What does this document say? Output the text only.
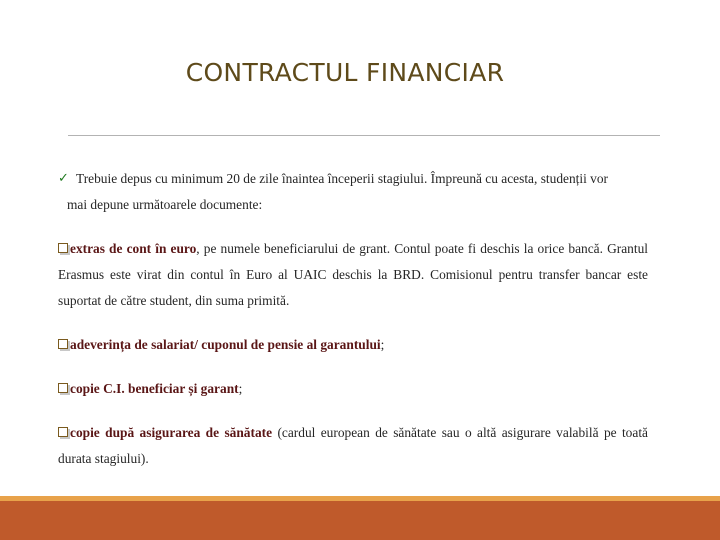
CONTRACTUL FINANCIAR
✓ Trebuie depus cu minimum 20 de zile înaintea începerii stagiului. Împreună cu acesta, studenții vor
mai depune următoarele documente:
extras de cont în euro, pe numele beneficiarului de grant. Contul poate fi deschis la orice bancă. Grantul Erasmus este virat din contul în Euro al UAIC deschis la BRD. Comisionul pentru transfer bancar este suportat de către student, din suma primită.
adeverința de salariat/ cuponul de pensie al garantului;
copie C.I. beneficiar și garant;
copie după asigurarea de sănătate (cardul european de sănătate sau o altă asigurare valabilă pe toată durata stagiului).
